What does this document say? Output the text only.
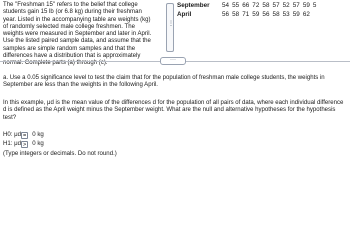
The "Freshman 15" refers to the belief that college students gain 15 lb (or 6.8 kg) during their freshman year. Listed in the accompanying table are weights (kg) of randomly selected male college freshmen. The weights were measured in September and later in April. Use the listed paired sample data, and assume that the samples are simple random samples and that the differences have a distribution that is approximately normal. Complete parts (a) through (c).
⋮
September	54 55 66 72 58 57 52 57 59 5
April	56 58 71 59 56 58 53 59 62
···
a. Use a 0.05 significance level to test the claim that for the population of freshman male college students, the weights in September are less than the weights in the following April.
In this example, μd is the mean value of the differences d for the population of all pairs of data, where each individual difference d is defined as the April weight minus the September weight. What are the null and alternative hypotheses for the hypothesis test?
H0: μd = 0 kg
H1: μd > 0 kg
(Type integers or decimals. Do not round.)
